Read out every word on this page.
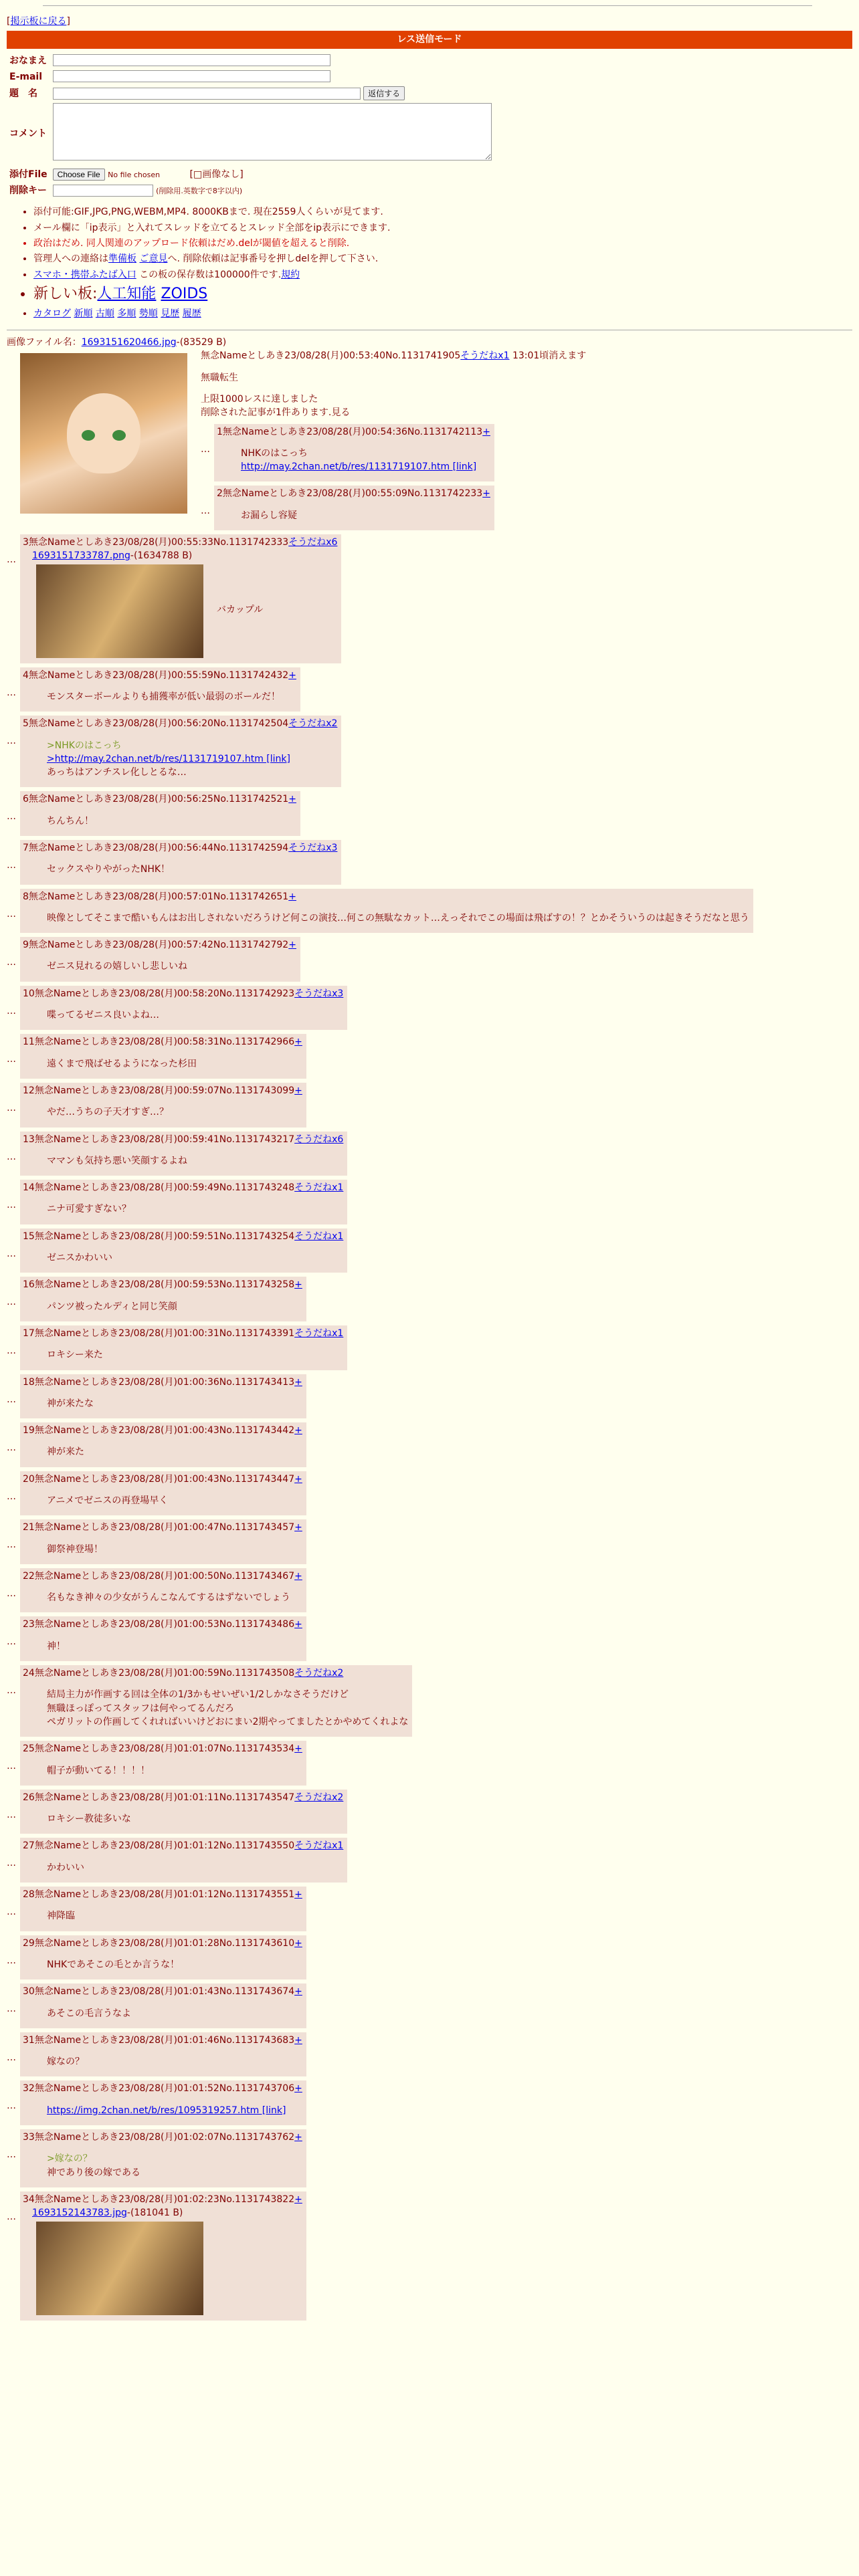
[掲示板に戻る]
レス送信モード
おなまえ	
E-mail	
題　名	返信する
コメント	
添付File	Choose File No file chosen [□画像なし]
削除キー	(削除用.英数字で8字以内)
• 添付可能:GIF,JPG,PNG,WEBM,MP4. 8000KBまで. 現在2559人くらいが見てます.
• メール欄に「ip表示」と入れてスレッドを立てるとスレッド全部をip表示にできます.
• 政治はだめ. 同人関連のアップロード依頼はだめ.delが閾値を超えると削除.
• 管理人への連絡は準備板 ご意見へ. 削除依頼は記事番号を押しdelを押して下さい.
• スマホ・携帯ふたば入口 この板の保存数は100000件です.規約
• 新しい板:人工知能 ZOIDS
• カタログ 新順 古順 多順 勢順 見歴 履歴
画像ファイル名：1693151620466.jpg-(83529 B)
無念Nameとしあき23/08/28(月)00:53:40No.1131741905そうだねx1 13:01頃消えます
無職転生
上限1000レスに達しました
削除された記事が1件あります.見る
…
1無念Nameとしあき23/08/28(月)00:54:36No.1131742113+
NHKのはこっち
http://may.2chan.net/b/res/1131719107.htm [link]
…
2無念Nameとしあき23/08/28(月)00:55:09No.1131742233+
お漏らし容疑
…
3無念Nameとしあき23/08/28(月)00:55:33No.1131742333そうだねx6
1693151733787.png-(1634788 B)
バカップル
…
4無念Nameとしあき23/08/28(月)00:55:59No.1131742432+
モンスターボールよりも捕獲率が低い最弱のボールだ！
…
5無念Nameとしあき23/08/28(月)00:56:20No.1131742504そうだねx2
>NHKのはこっち
>http://may.2chan.net/b/res/1131719107.htm [link]
あっちはアンチスレ化しとるな…
…
6無念Nameとしあき23/08/28(月)00:56:25No.1131742521+
ちんちん！
…
7無念Nameとしあき23/08/28(月)00:56:44No.1131742594そうだねx3
セックスやりやがったNHK！
…
8無念Nameとしあき23/08/28(月)00:57:01No.1131742651+
映像としてそこまで酷いもんはお出しされないだろうけど何この演技…何この無駄なカット…えっそれでこの場面は飛ばすの！？とかそういうのは起きそうだなと思う
…
9無念Nameとしあき23/08/28(月)00:57:42No.1131742792+
ゼニス見れるの嬉しいし悲しいね
…
10無念Nameとしあき23/08/28(月)00:58:20No.1131742923そうだねx3
喋ってるゼニス良いよね…
…
11無念Nameとしあき23/08/28(月)00:58:31No.1131742966+
遠くまで飛ばせるようになった杉田
…
12無念Nameとしあき23/08/28(月)00:59:07No.1131743099+
やだ…うちの子天才すぎ…？
…
13無念Nameとしあき23/08/28(月)00:59:41No.1131743217そうだねx6
ママンも気持ち悪い笑顔するよね
…
14無念Nameとしあき23/08/28(月)00:59:49No.1131743248そうだねx1
ニナ可愛すぎない？
…
15無念Nameとしあき23/08/28(月)00:59:51No.1131743254そうだねx1
ゼニスかわいい
…
16無念Nameとしあき23/08/28(月)00:59:53No.1131743258+
パンツ被ったルディと同じ笑顔
…
17無念Nameとしあき23/08/28(月)01:00:31No.1131743391そうだねx1
ロキシー来た
…
18無念Nameとしあき23/08/28(月)01:00:36No.1131743413+
神が来たな
…
19無念Nameとしあき23/08/28(月)01:00:43No.1131743442+
神が来た
…
20無念Nameとしあき23/08/28(月)01:00:43No.1131743447+
アニメでゼニスの再登場早く
…
21無念Nameとしあき23/08/28(月)01:00:47No.1131743457+
御祭神登場！
…
22無念Nameとしあき23/08/28(月)01:00:50No.1131743467+
名もなき神々の少女がうんこなんてするはずないでしょう
…
23無念Nameとしあき23/08/28(月)01:00:53No.1131743486+
神！
…
24無念Nameとしあき23/08/28(月)01:00:59No.1131743508そうだねx2
結局主力が作画する回は全体の1/3かもせいぜい1/2しかなさそうだけど
無職ほっぽってスタッフは何やってるんだろ
ペガリットの作画してくれればいいけどおにまい2期やってましたとかやめてくれよな
…
25無念Nameとしあき23/08/28(月)01:01:07No.1131743534+
帽子が動いてる！！！！
…
26無念Nameとしあき23/08/28(月)01:01:11No.1131743547そうだねx2
ロキシー教徒多いな
…
27無念Nameとしあき23/08/28(月)01:01:12No.1131743550そうだねx1
かわいい
…
28無念Nameとしあき23/08/28(月)01:01:12No.1131743551+
神降臨
…
29無念Nameとしあき23/08/28(月)01:01:28No.1131743610+
NHKであそこの毛とか言うな！
…
30無念Nameとしあき23/08/28(月)01:01:43No.1131743674+
あそこの毛言うなよ
…
31無念Nameとしあき23/08/28(月)01:01:46No.1131743683+
嫁なの？
…
32無念Nameとしあき23/08/28(月)01:01:52No.1131743706+
https://img.2chan.net/b/res/1095319257.htm [link]
…
33無念Nameとしあき23/08/28(月)01:02:07No.1131743762+
>嫁なの？
神であり後の嫁である
…
34無念Nameとしあき23/08/28(月)01:02:23No.1131743822+
1693152143783.jpg-(181041 B)
